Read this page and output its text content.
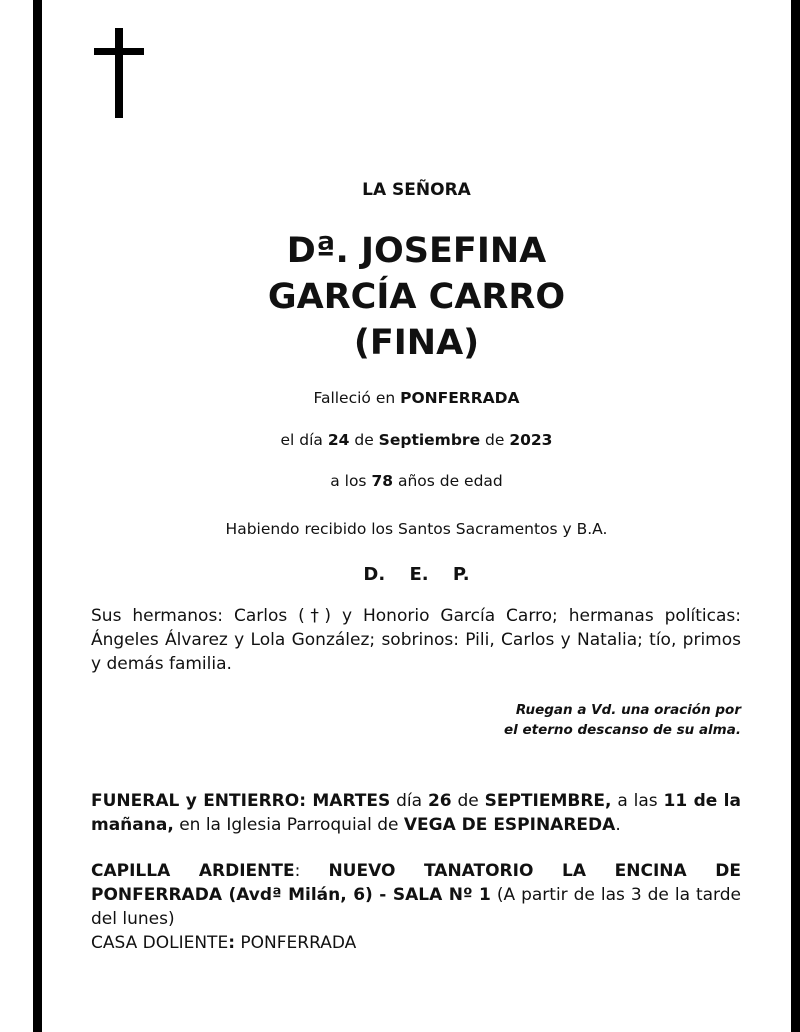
LA SEÑORA
Dª. JOSEFINA
GARCÍA CARRO
(FINA)
Falleció en PONFERRADA
el día 24 de Septiembre de 2023
a los 78 años de edad
Habiendo recibido los Santos Sacramentos y B.A.
D. E. P.
Sus hermanos: Carlos (†) y Honorio García Carro; hermanas políticas: Ángeles Álvarez y Lola González; sobrinos: Pili, Carlos y Natalia; tío, primos y demás familia.
Ruegan a Vd. una oración por
el eterno descanso de su alma.
FUNERAL y ENTIERRO: MARTES día 26 de SEPTIEMBRE, a las 11 de la mañana, en la Iglesia Parroquial de VEGA DE ESPINAREDA.
CAPILLA ARDIENTE: NUEVO TANATORIO LA ENCINA DE PONFERRADA (Avdª Milán, 6) - SALA Nº 1 (A partir de las 3 de la tarde del lunes)
CASA DOLIENTE: PONFERRADA
